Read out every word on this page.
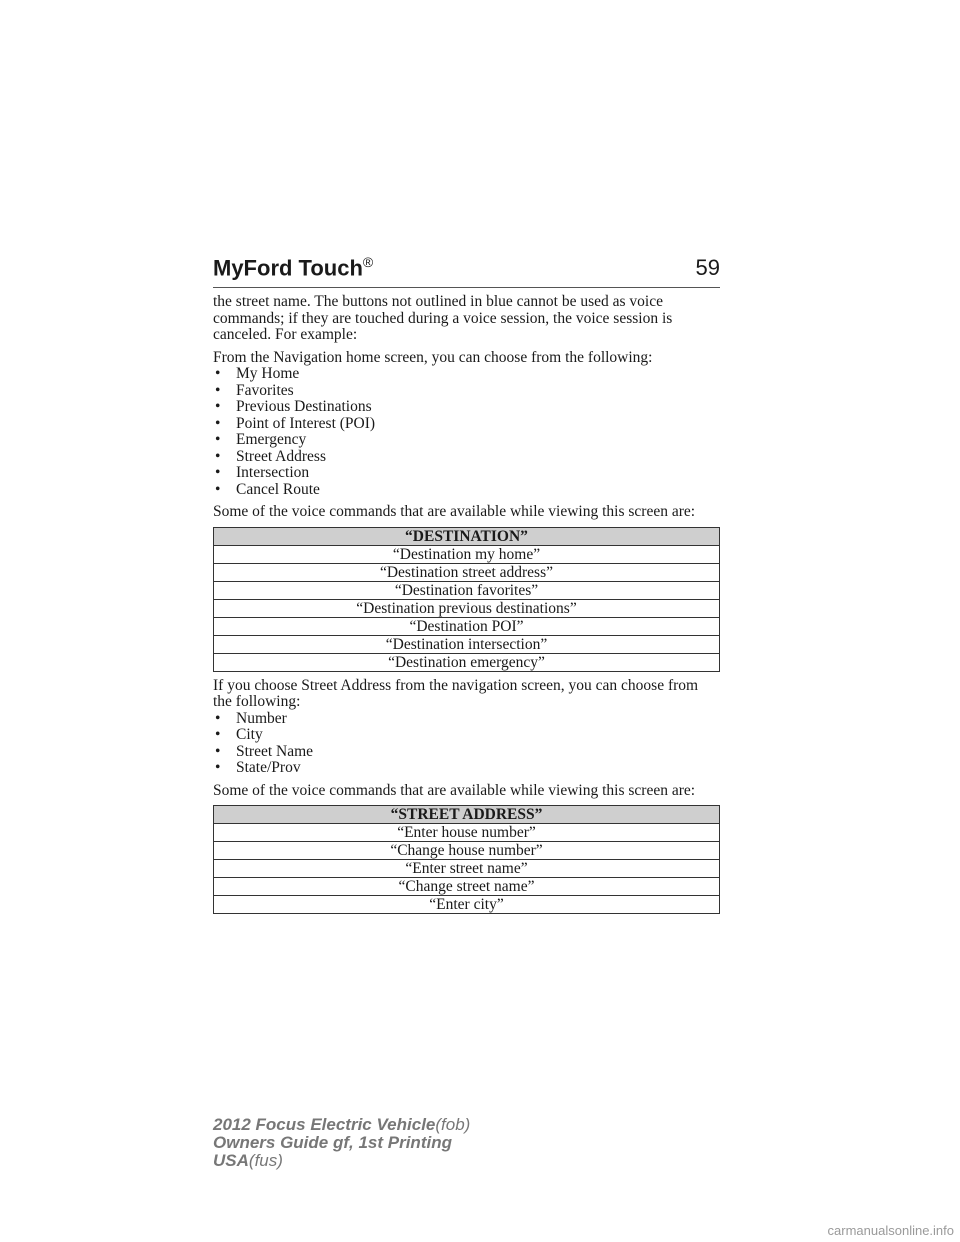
MyFord Touch®	59

the street name. The buttons not outlined in blue cannot be used as voice commands; if they are touched during a voice session, the voice session is canceled. For example:

From the Navigation home screen, you can choose from the following:

• My Home
• Favorites
• Previous Destinations
• Point of Interest (POI)
• Emergency
• Street Address
• Intersection
• Cancel Route

Some of the voice commands that are available while viewing this screen are:

“DESTINATION”
“Destination my home”
“Destination street address”
“Destination favorites”
“Destination previous destinations”
“Destination POI”
“Destination intersection”
“Destination emergency”

If you choose Street Address from the navigation screen, you can choose from the following:

• Number
• City
• Street Name
• State/Prov

Some of the voice commands that are available while viewing this screen are:

“STREET ADDRESS”
“Enter house number”
“Change house number”
“Enter street name”
“Change street name”
“Enter city”
2012 Focus Electric Vehicle(fob)
Owners Guide gf, 1st Printing
USA(fus)
carmanualsonline.info
